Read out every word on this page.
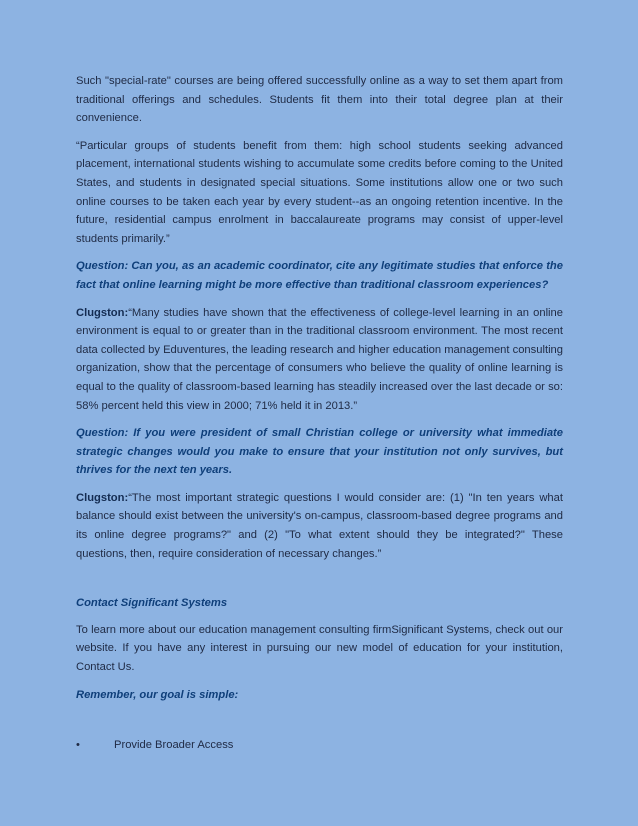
Such "special-rate" courses are being offered successfully online as a way to set them apart from traditional offerings and schedules. Students fit them into their total degree plan at their convenience.

“Particular groups of students benefit from them: high school students seeking advanced placement, international students wishing to accumulate some credits before coming to the United States, and students in designated special situations. Some institutions allow one or two such online courses to be taken each year by every student--as an ongoing retention incentive. In the future, residential campus enrolment in baccalaureate programs may consist of upper-level students primarily.”

Question: Can you, as an academic coordinator, cite any legitimate studies that enforce the fact that online learning might be more effective than traditional classroom experiences?

Clugston:“Many studies have shown that the effectiveness of college-level learning in an online environment is equal to or greater than in the traditional classroom environment. The most recent data collected by Eduventures, the leading research and higher education management consulting organization, show that the percentage of consumers who believe the quality of online learning is equal to the quality of classroom-based learning has steadily increased over the last decade or so: 58% percent held this view in 2000; 71% held it in 2013.”

Question: If you were president of small Christian college or university what immediate strategic changes would you make to ensure that your institution not only survives, but thrives for the next ten years.

Clugston:“The most important strategic questions I would consider are: (1) "In ten years what balance should exist between the university's on-campus, classroom-based degree programs and its online degree programs?" and (2) "To what extent should they be integrated?" These questions, then, require consideration of necessary changes.”

Contact Significant Systems

To learn more about our education management consulting firmSignificant Systems, check out our website. If you have any interest in pursuing our new model of education for your institution, Contact Us.

Remember, our goal is simple:

•	Provide Broader Access
